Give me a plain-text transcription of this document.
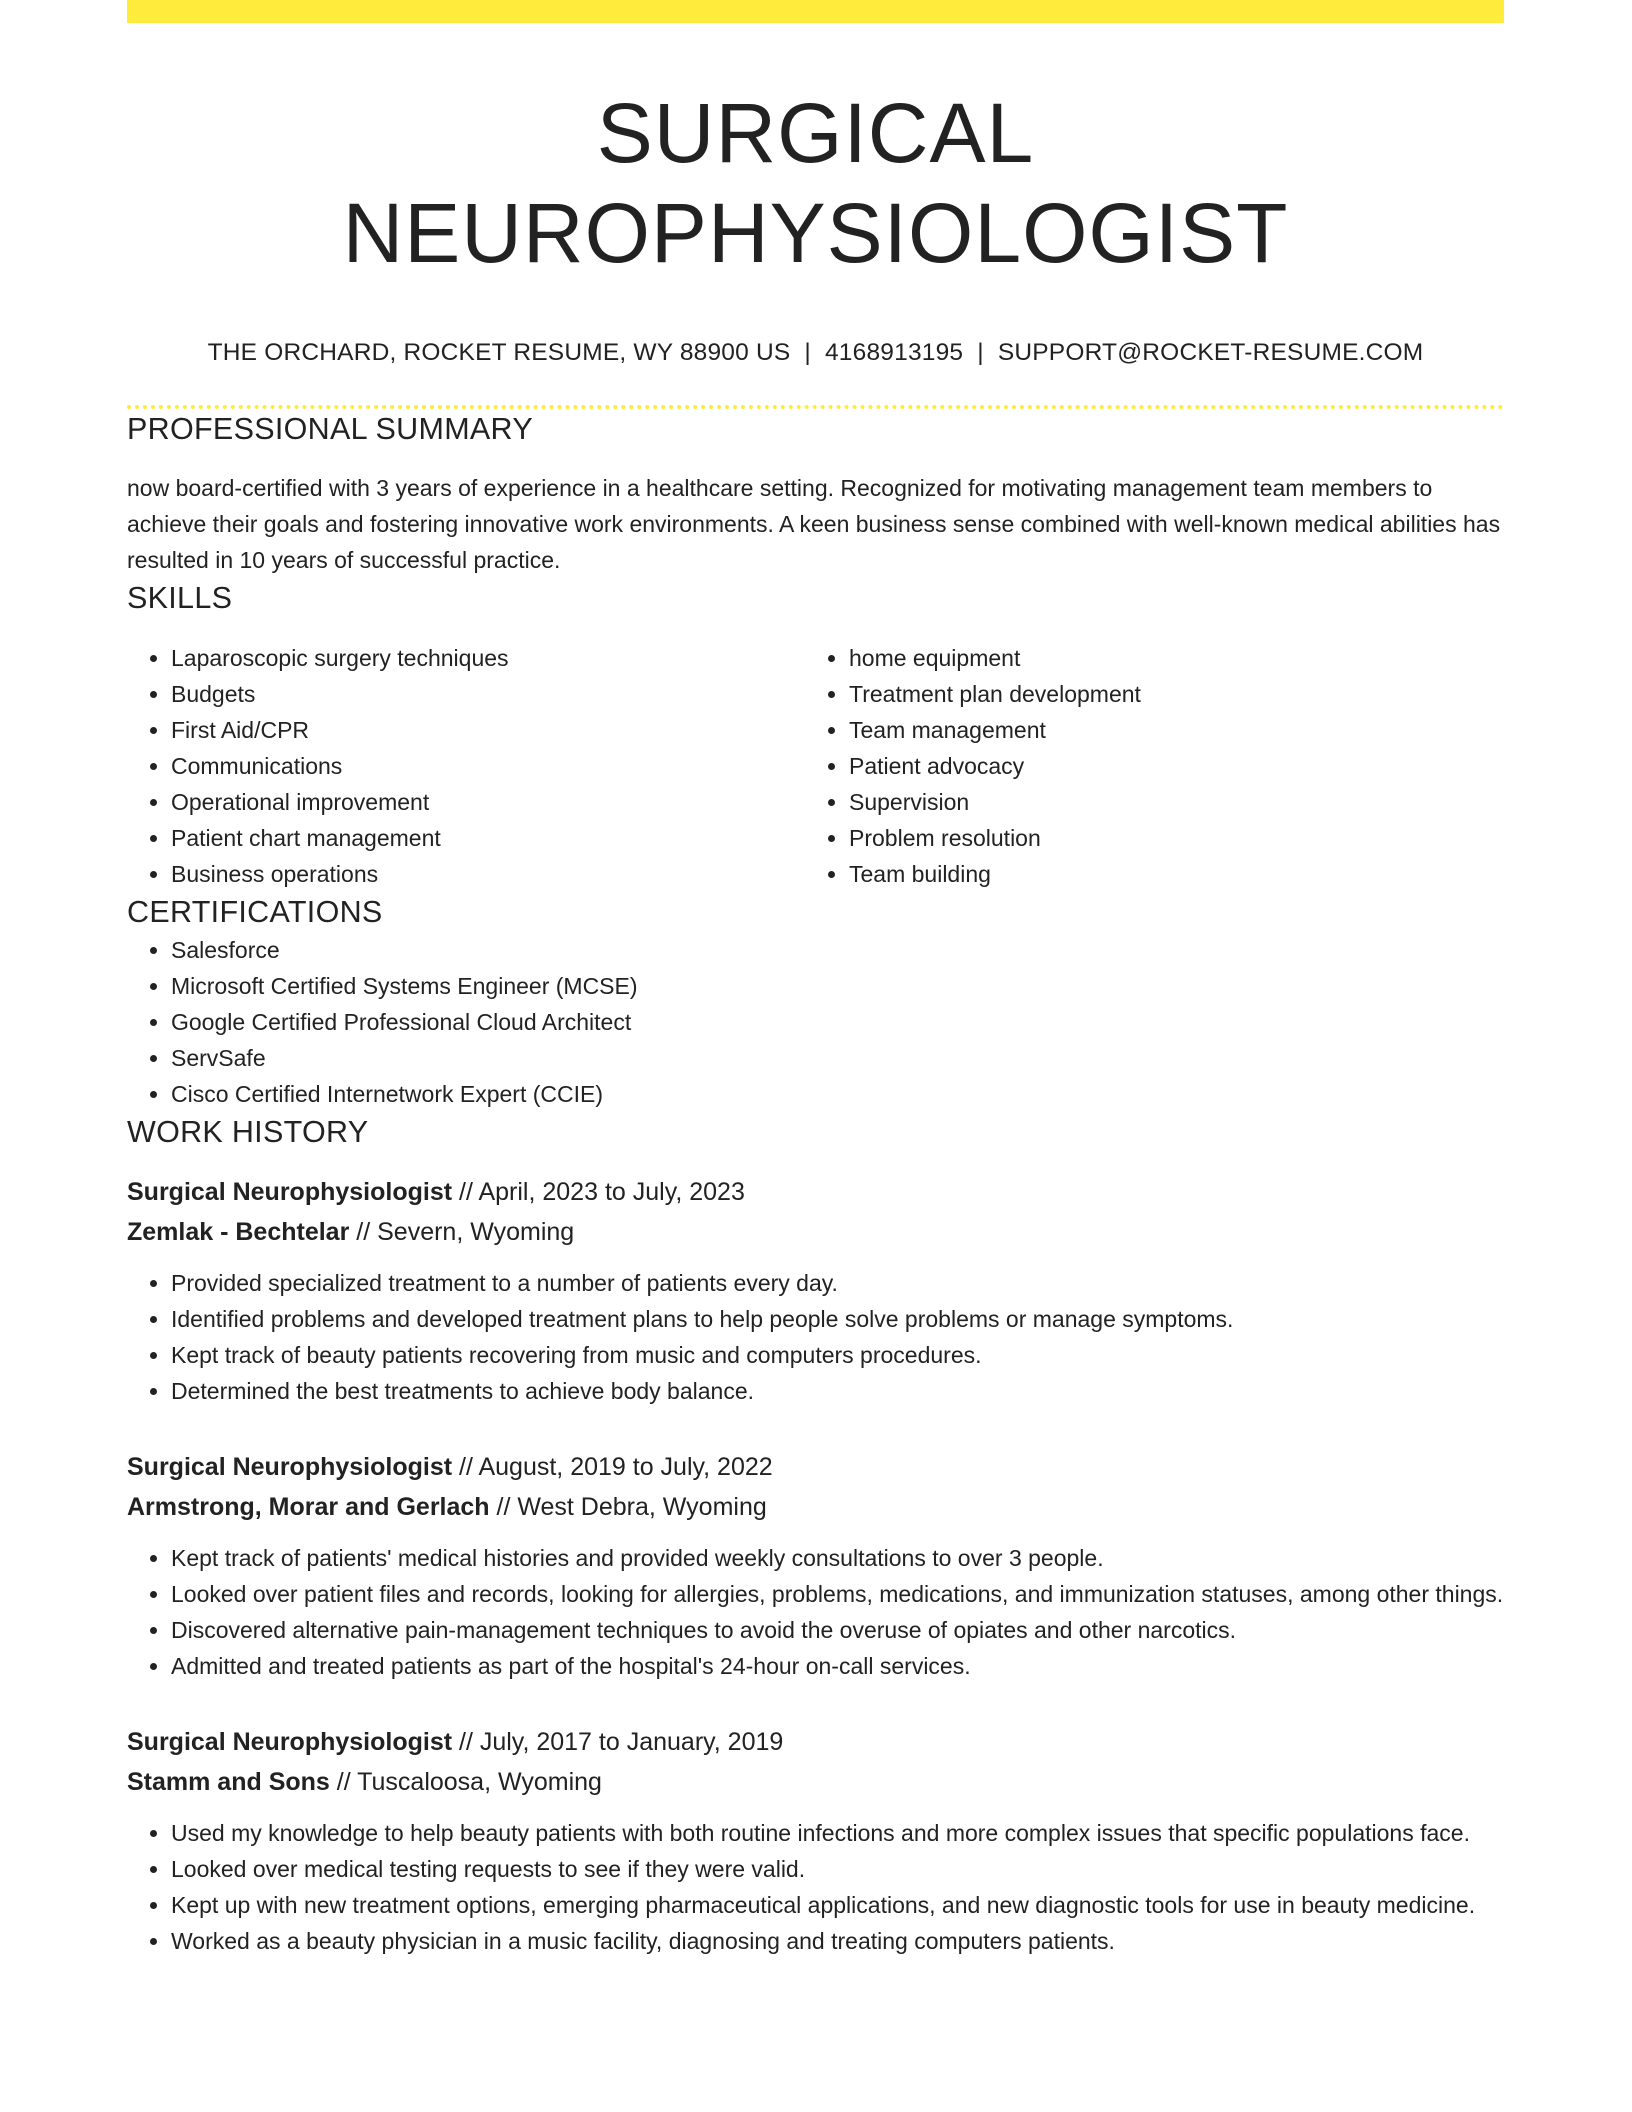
SURGICAL NEUROPHYSIOLOGIST
THE ORCHARD, ROCKET RESUME, WY 88900 US | 4168913195 | SUPPORT@ROCKET-RESUME.COM
PROFESSIONAL SUMMARY

now board-certified with 3 years of experience in a healthcare setting. Recognized for motivating management team members to achieve their goals and fostering innovative work environments. A keen business sense combined with well-known medical abilities has resulted in 10 years of successful practice.

SKILLS
• Laparoscopic surgery techniques
• Budgets
• First Aid/CPR
• Communications
• Operational improvement
• Patient chart management
• Business operations
• home equipment
• Treatment plan development
• Team management
• Patient advocacy
• Supervision
• Problem resolution
• Team building
CERTIFICATIONS
• Salesforce
• Microsoft Certified Systems Engineer (MCSE)
• Google Certified Professional Cloud Architect
• ServSafe
• Cisco Certified Internetwork Expert (CCIE)
WORK HISTORY
Surgical Neurophysiologist // April, 2023 to July, 2023
Zemlak - Bechtelar // Severn, Wyoming
• Provided specialized treatment to a number of patients every day.
• Identified problems and developed treatment plans to help people solve problems or manage symptoms.
• Kept track of beauty patients recovering from music and computers procedures.
• Determined the best treatments to achieve body balance.
Surgical Neurophysiologist // August, 2019 to July, 2022
Armstrong, Morar and Gerlach // West Debra, Wyoming
• Kept track of patients' medical histories and provided weekly consultations to over 3 people.
• Looked over patient files and records, looking for allergies, problems, medications, and immunization statuses, among other things.
• Discovered alternative pain-management techniques to avoid the overuse of opiates and other narcotics.
• Admitted and treated patients as part of the hospital's 24-hour on-call services.
Surgical Neurophysiologist // July, 2017 to January, 2019
Stamm and Sons // Tuscaloosa, Wyoming
• Used my knowledge to help beauty patients with both routine infections and more complex issues that specific populations face.
• Looked over medical testing requests to see if they were valid.
• Kept up with new treatment options, emerging pharmaceutical applications, and new diagnostic tools for use in beauty medicine.
• Worked as a beauty physician in a music facility, diagnosing and treating computers patients.
